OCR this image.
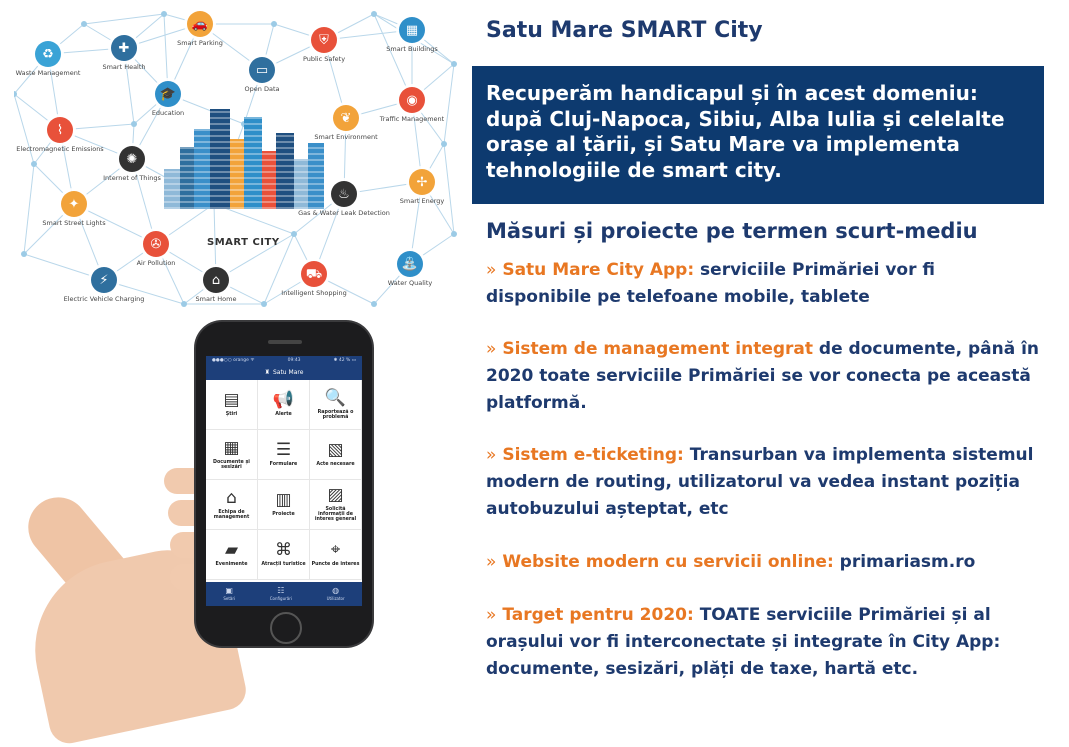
♻
Waste Management
✚
Smart Health
🚗
Smart Parking	⛨
Public Safety
▦
Smart Buildings
▭
Open Data
🎓
Education
◉
Traffic Management
⌇
Electromagnetic Emissions
✺
Internet of Things
❦
Smart Environment
✢
Smart Energy
✦
Smart Street Lights
♨
Gas & Water Leak Detection
✇
Air Pollution
⌂
Smart Home
⛟
Intelligent Shopping
⛲
Water Quality
⚡
Electric Vehicle Charging
SMART CITY
●●●○○ orange ᯤ	09:43	✱ 42 % ▭
♜ Satu Mare
▤
Știri
📢
Alerte
🔍
Raportează o problemă
▦
Documente și sesizări
☰
Formulare
▧
Acte necesare
⌂
Echipa de management
▥
Proiecte
▨
Solicită informații de interes general
▰
Evenimente
⌘
Atracții turistice
⌖
Puncte de interes
▣
Setări
☷
Configurări
◍
Utilizator
Satu Mare SMART City

Recuperăm handicapul și în acest domeniu: după Cluj-Napoca, Sibiu, Alba Iulia și celelalte orașe al țării, și Satu Mare va implementa tehnologiile de smart city.

Măsuri și proiecte pe termen scurt-mediu

» Satu Mare City App: serviciile Primăriei vor fi disponibile pe telefoane mobile, tablete

» Sistem de management integrat de documente, până în 2020 toate serviciile Primăriei se vor conecta pe această platformă.

» Sistem e-ticketing: Transurban va implementa sistemul modern de routing, utilizatorul va vedea instant poziția autobuzului așteptat, etc

» Website modern cu servicii online: primariasm.ro

» Target pentru 2020: TOATE serviciile Primăriei și al orașului vor fi interconectate și integrate în City App: documente, sesizări, plăți de taxe, hartă etc.
